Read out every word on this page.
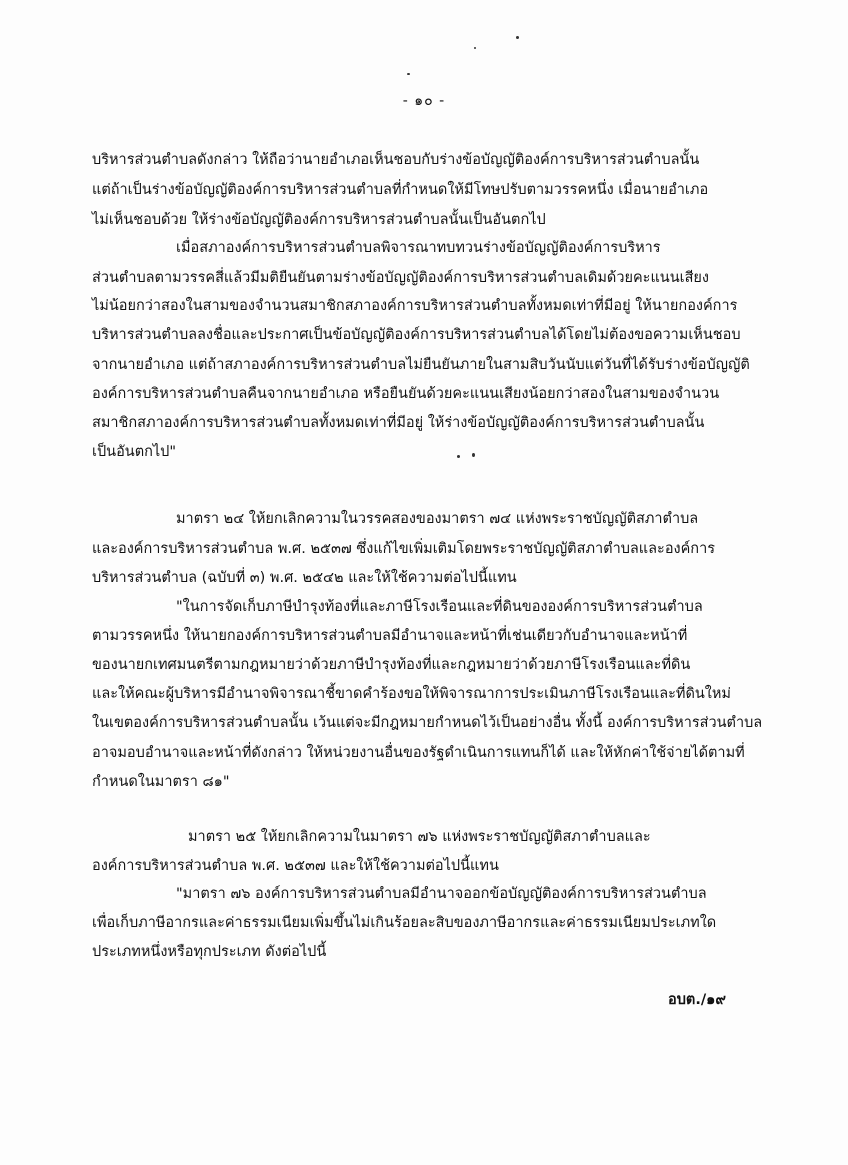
- ๑๐ -
บริหารส่วนตำบลดังกล่าว ให้ถือว่านายอำเภอเห็นชอบกับร่างข้อบัญญัติองค์การบริหารส่วนตำบลนั้น
แต่ถ้าเป็นร่างข้อบัญญัติองค์การบริหารส่วนตำบลที่กำหนดให้มีโทษปรับตามวรรคหนึ่ง เมื่อนายอำเภอ
ไม่เห็นชอบด้วย ให้ร่างข้อบัญญัติองค์การบริหารส่วนตำบลนั้นเป็นอันตกไป
เมื่อสภาองค์การบริหารส่วนตำบลพิจารณาทบทวนร่างข้อบัญญัติองค์การบริหาร
ส่วนตำบลตามวรรคสี่แล้วมีมติยืนยันตามร่างข้อบัญญัติองค์การบริหารส่วนตำบลเดิมด้วยคะแนนเสียง
ไม่น้อยกว่าสองในสามของจำนวนสมาชิกสภาองค์การบริหารส่วนตำบลทั้งหมดเท่าที่มีอยู่ ให้นายกองค์การ
บริหารส่วนตำบลลงชื่อและประกาศเป็นข้อบัญญัติองค์การบริหารส่วนตำบลได้โดยไม่ต้องขอความเห็นชอบ
จากนายอำเภอ แต่ถ้าสภาองค์การบริหารส่วนตำบลไม่ยืนยันภายในสามสิบวันนับแต่วันที่ได้รับร่างข้อบัญญัติ
องค์การบริหารส่วนตำบลคืนจากนายอำเภอ หรือยืนยันด้วยคะแนนเสียงน้อยกว่าสองในสามของจำนวน
สมาชิกสภาองค์การบริหารส่วนตำบลทั้งหมดเท่าที่มีอยู่ ให้ร่างข้อบัญญัติองค์การบริหารส่วนตำบลนั้น
เป็นอันตกไป"
มาตรา ๒๔ ให้ยกเลิกความในวรรคสองของมาตรา ๗๔ แห่งพระราชบัญญัติสภาตำบล
และองค์การบริหารส่วนตำบล พ.ศ. ๒๕๓๗ ซึ่งแก้ไขเพิ่มเติมโดยพระราชบัญญัติสภาตำบลและองค์การ
บริหารส่วนตำบล (ฉบับที่ ๓) พ.ศ. ๒๕๔๒ และให้ใช้ความต่อไปนี้แทน
"ในการจัดเก็บภาษีบำรุงท้องที่และภาษีโรงเรือนและที่ดินขององค์การบริหารส่วนตำบล
ตามวรรคหนึ่ง ให้นายกองค์การบริหารส่วนตำบลมีอำนาจและหน้าที่เช่นเดียวกับอำนาจและหน้าที่
ของนายกเทศมนตรีตามกฎหมายว่าด้วยภาษีบำรุงท้องที่และกฎหมายว่าด้วยภาษีโรงเรือนและที่ดิน
และให้คณะผู้บริหารมีอำนาจพิจารณาชี้ขาดคำร้องขอให้พิจารณาการประเมินภาษีโรงเรือนและที่ดินใหม่
ในเขตองค์การบริหารส่วนตำบลนั้น เว้นแต่จะมีกฎหมายกำหนดไว้เป็นอย่างอื่น ทั้งนี้ องค์การบริหารส่วนตำบล
อาจมอบอำนาจและหน้าที่ดังกล่าว ให้หน่วยงานอื่นของรัฐดำเนินการแทนก็ได้ และให้หักค่าใช้จ่ายได้ตามที่
กำหนดในมาตรา ๘๑"
มาตรา ๒๕ ให้ยกเลิกความในมาตรา ๗๖ แห่งพระราชบัญญัติสภาตำบลและ
องค์การบริหารส่วนตำบล พ.ศ. ๒๕๓๗ และให้ใช้ความต่อไปนี้แทน
"มาตรา ๗๖ องค์การบริหารส่วนตำบลมีอำนาจออกข้อบัญญัติองค์การบริหารส่วนตำบล
เพื่อเก็บภาษีอากรและค่าธรรมเนียมเพิ่มขึ้นไม่เกินร้อยละสิบของภาษีอากรและค่าธรรมเนียมประเภทใด
ประเภทหนึ่งหรือทุกประเภท ดังต่อไปนี้
อบต./๑๙
